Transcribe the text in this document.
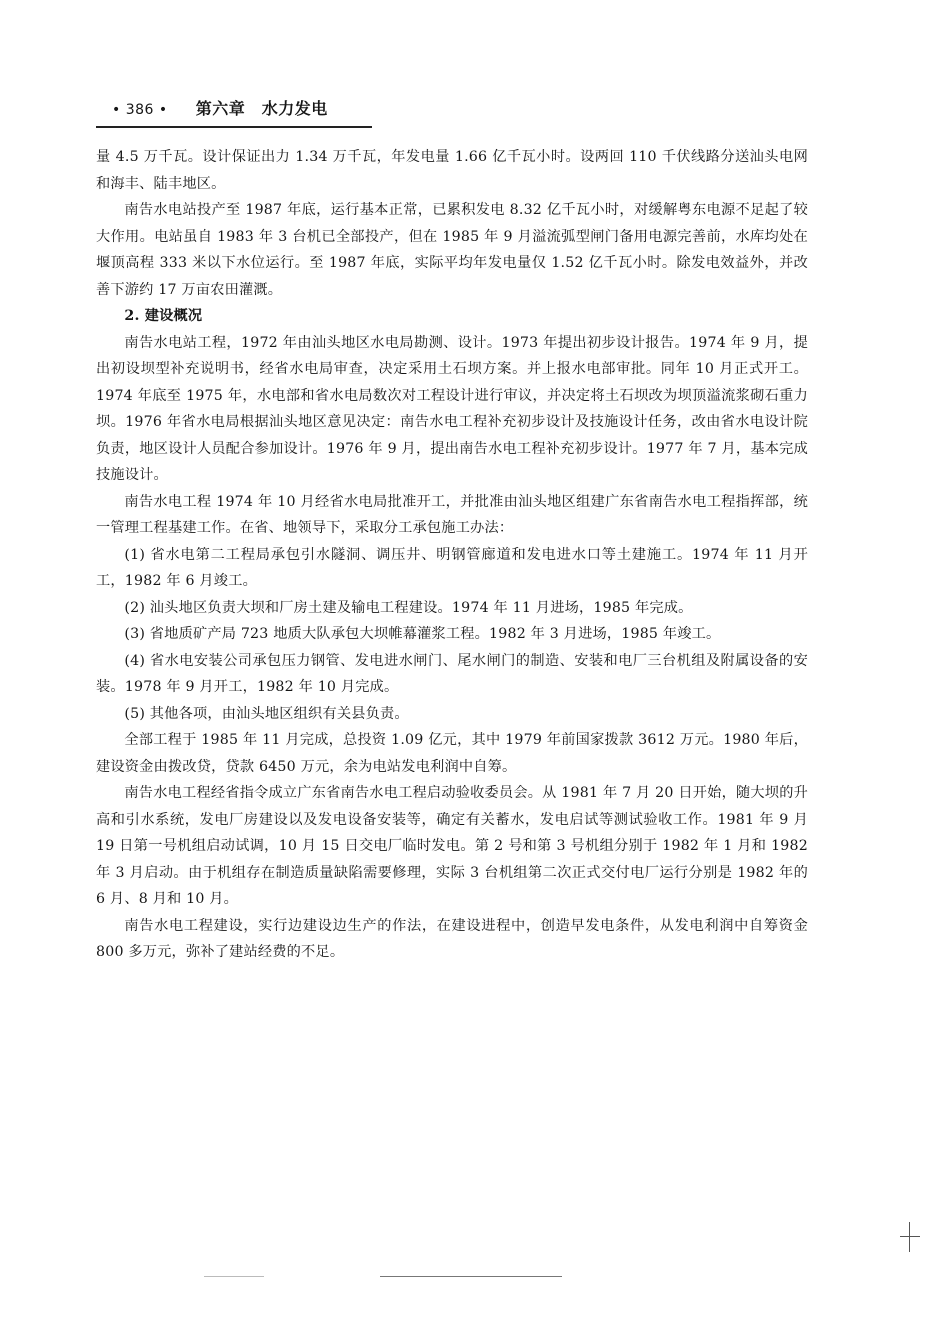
• 386 • 第六章　水力发电

量 4.5 万千瓦。设计保证出力 1.34 万千瓦，年发电量 1.66 亿千瓦小时。设两回 110 千伏线路分送汕头电网和海丰、陆丰地区。

南告水电站投产至 1987 年底，运行基本正常，已累积发电 8.32 亿千瓦小时，对缓解粤东电源不足起了较大作用。电站虽自 1983 年 3 台机已全部投产，但在 1985 年 9 月溢流弧型闸门备用电源完善前，水库均处在堰顶高程 333 米以下水位运行。至 1987 年底，实际平均年发电量仅 1.52 亿千瓦小时。除发电效益外，并改善下游约 17 万亩农田灌溉。

2. 建设概况

南告水电站工程，1972 年由汕头地区水电局勘测、设计。1973 年提出初步设计报告。1974 年 9 月，提出初设坝型补充说明书，经省水电局审查，决定采用土石坝方案。并上报水电部审批。同年 10 月正式开工。1974 年底至 1975 年，水电部和省水电局数次对工程设计进行审议，并决定将土石坝改为坝顶溢流浆砌石重力坝。1976 年省水电局根据汕头地区意见决定：南告水电工程补充初步设计及技施设计任务，改由省水电设计院负责，地区设计人员配合参加设计。1976 年 9 月，提出南告水电工程补充初步设计。1977 年 7 月，基本完成技施设计。

南告水电工程 1974 年 10 月经省水电局批准开工，并批准由汕头地区组建广东省南告水电工程指挥部，统一管理工程基建工作。在省、地领导下，采取分工承包施工办法：

(1) 省水电第二工程局承包引水隧洞、调压井、明钢管廊道和发电进水口等土建施工。1974 年 11 月开工，1982 年 6 月竣工。

(2) 汕头地区负责大坝和厂房土建及输电工程建设。1974 年 11 月进场，1985 年完成。

(3) 省地质矿产局 723 地质大队承包大坝帷幕灌浆工程。1982 年 3 月进场，1985 年竣工。

(4) 省水电安装公司承包压力钢管、发电进水闸门、尾水闸门的制造、安装和电厂三台机组及附属设备的安装。1978 年 9 月开工，1982 年 10 月完成。

(5) 其他各项，由汕头地区组织有关县负责。

全部工程于 1985 年 11 月完成，总投资 1.09 亿元，其中 1979 年前国家拨款 3612 万元。1980 年后，建设资金由拨改贷，贷款 6450 万元，余为电站发电利润中自筹。

南告水电工程经省指令成立广东省南告水电工程启动验收委员会。从 1981 年 7 月 20 日开始，随大坝的升高和引水系统，发电厂房建设以及发电设备安装等，确定有关蓄水，发电启试等测试验收工作。1981 年 9 月 19 日第一号机组启动试调，10 月 15 日交电厂临时发电。第 2 号和第 3 号机组分别于 1982 年 1 月和 1982 年 3 月启动。由于机组存在制造质量缺陷需要修理，实际 3 台机组第二次正式交付电厂运行分别是 1982 年的 6 月、8 月和 10 月。

南告水电工程建设，实行边建设边生产的作法，在建设进程中，创造早发电条件，从发电利润中自筹资金 800 多万元，弥补了建站经费的不足。
